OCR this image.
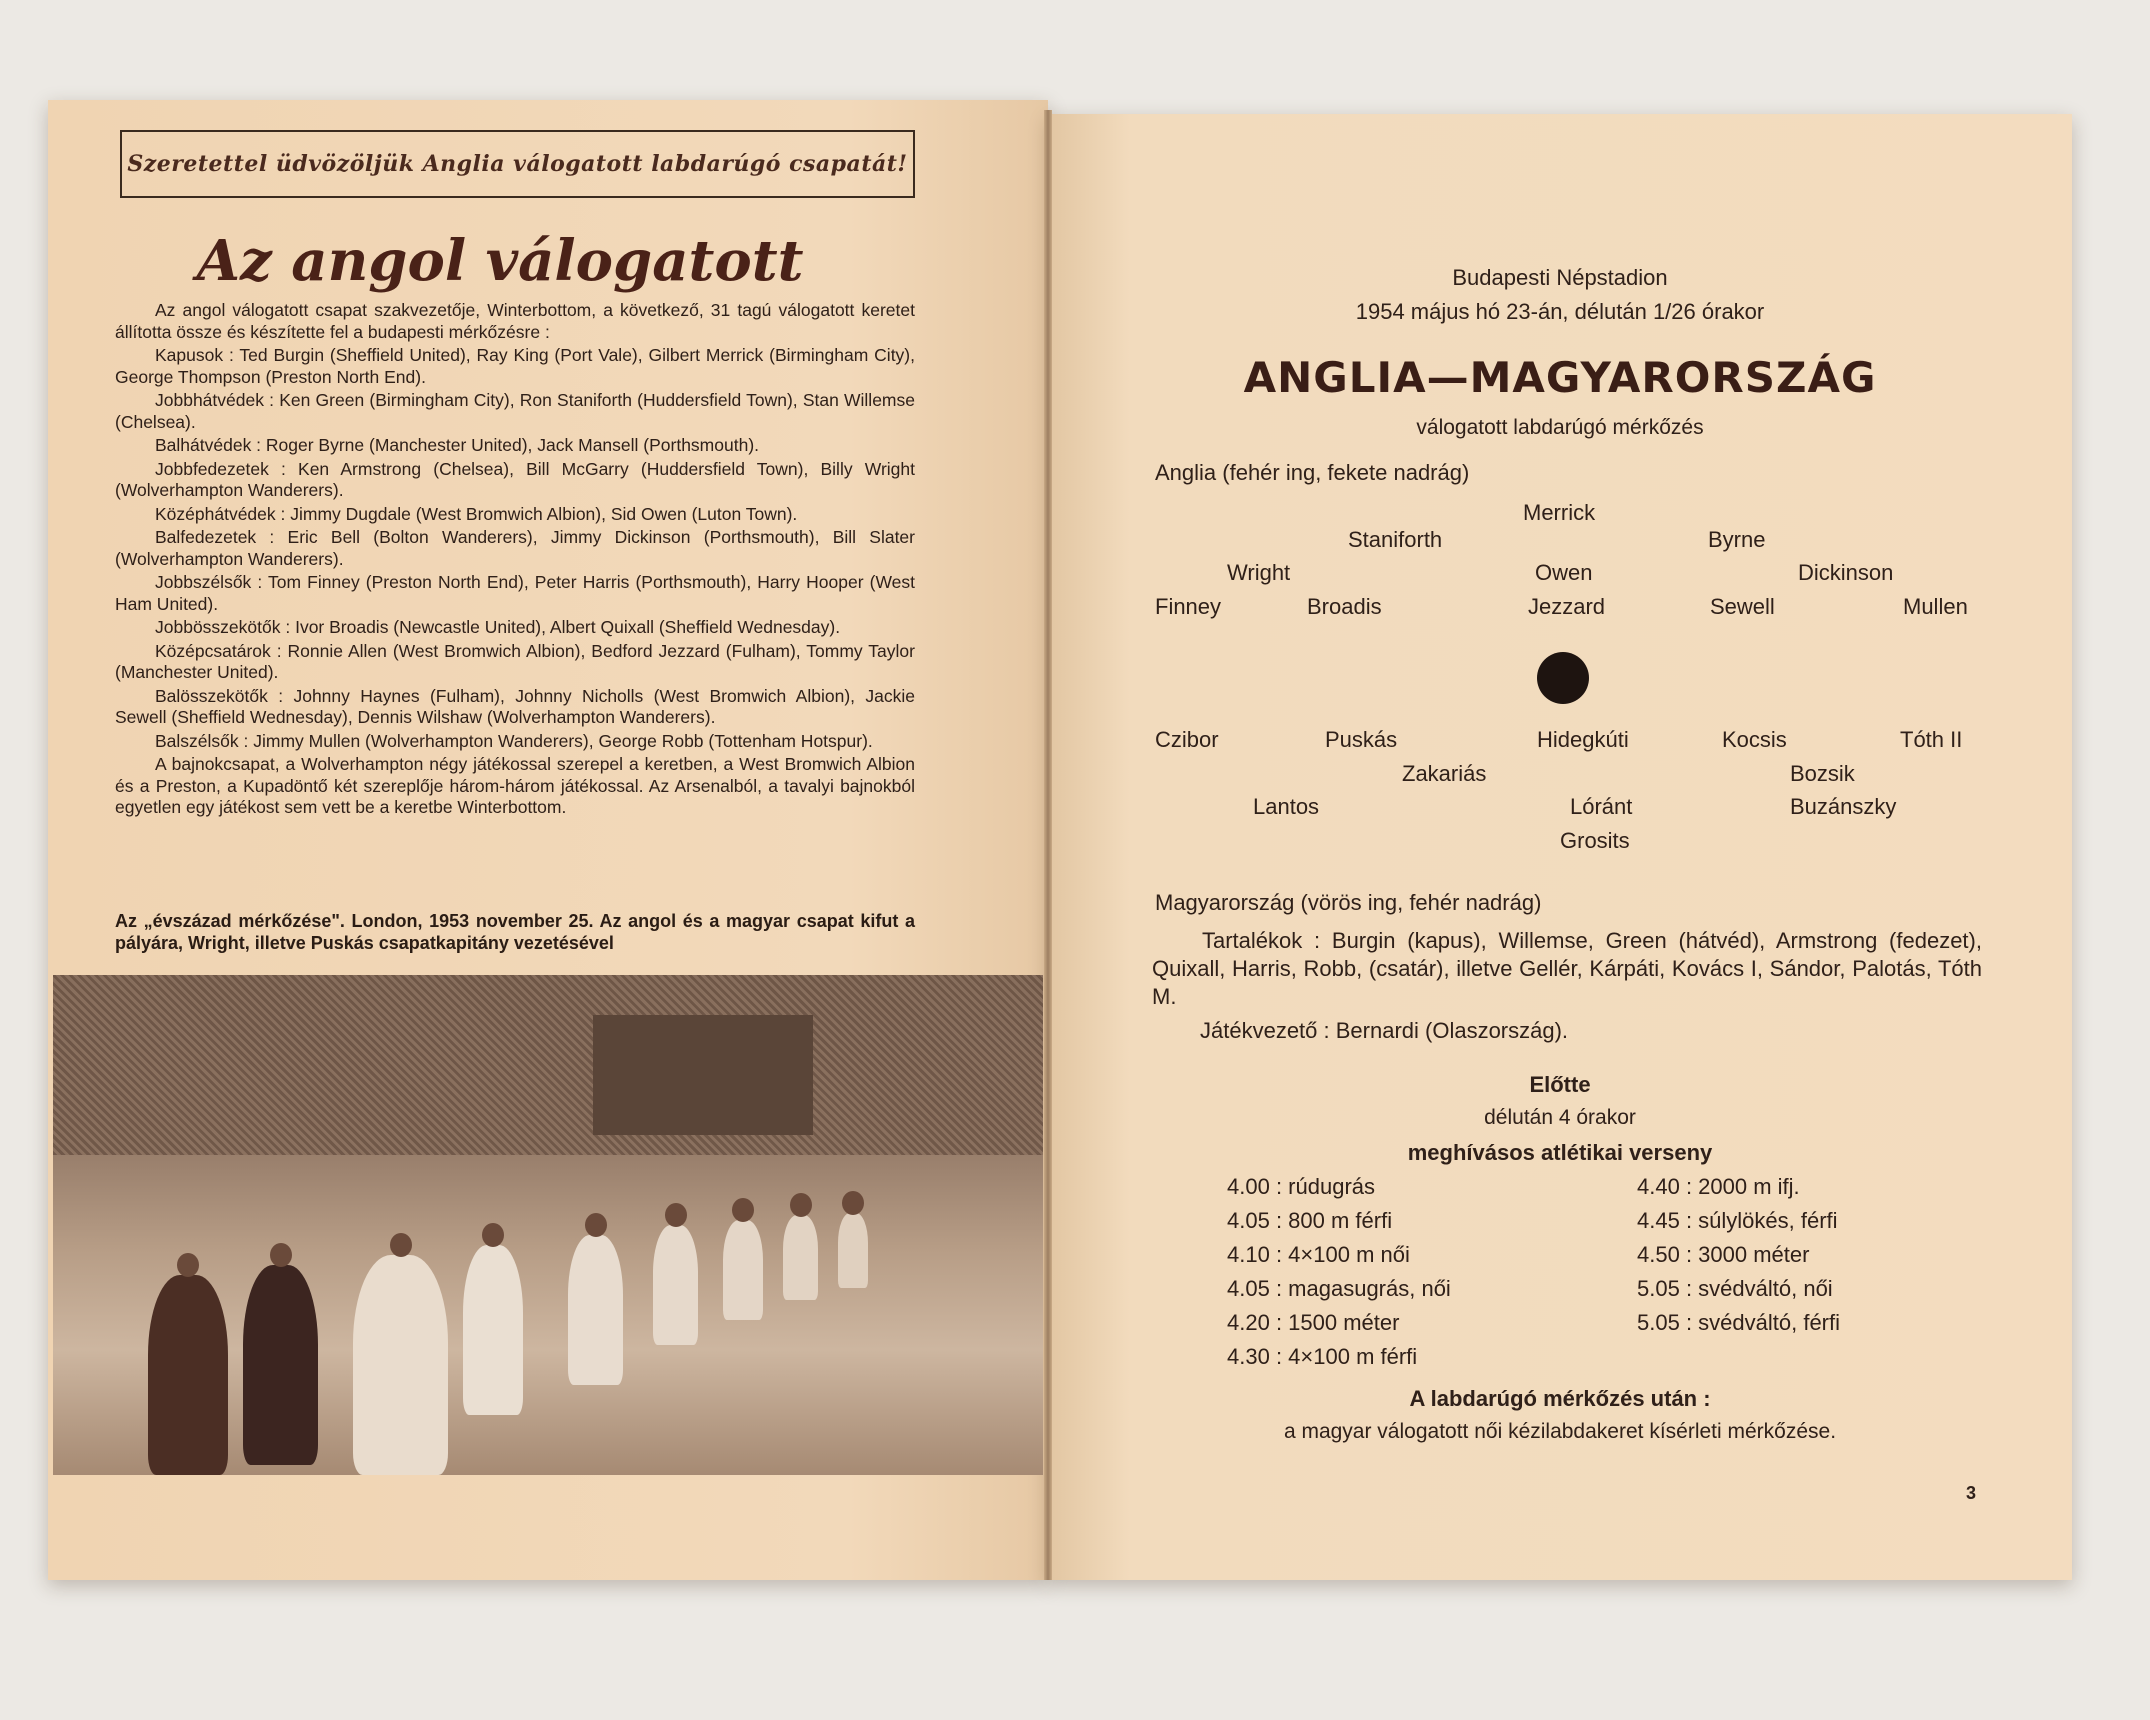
Szeretettel üdvözöljük Anglia válogatott labdarúgó csapatát!
Az angol válogatott

Az angol válogatott csapat szakvezetője, Winterbottom, a következő, 31 tagú válogatott keretet állította össze és készítette fel a budapesti mérkőzésre :

Kapusok : Ted Burgin (Sheffield United), Ray King (Port Vale), Gilbert Merrick (Birmingham City), George Thompson (Preston North End).

Jobbhátvédek : Ken Green (Birmingham City), Ron Staniforth (Huddersfield Town), Stan Willemse (Chelsea).

Balhátvédek : Roger Byrne (Manchester United), Jack Mansell (Porthsmouth).

Jobbfedezetek : Ken Armstrong (Chelsea), Bill McGarry (Huddersfield Town), Billy Wright (Wolverhampton Wanderers).

Középhátvédek : Jimmy Dugdale (West Bromwich Albion), Sid Owen (Luton Town).

Balfedezetek : Eric Bell (Bolton Wanderers), Jimmy Dickinson (Porthsmouth), Bill Slater (Wolverhampton Wanderers).

Jobbszélsők : Tom Finney (Preston North End), Peter Harris (Porthsmouth), Harry Hooper (West Ham United).

Jobbösszekötők : Ivor Broadis (Newcastle United), Albert Quixall (Sheffield Wednesday).

Középcsatárok : Ronnie Allen (West Bromwich Albion), Bedford Jezzard (Fulham), Tommy Taylor (Manchester United).

Balösszekötők : Johnny Haynes (Fulham), Johnny Nicholls (West Bromwich Albion), Jackie Sewell (Sheffield Wednesday), Dennis Wilshaw (Wolverhampton Wanderers).

Balszélsők : Jimmy Mullen (Wolverhampton Wanderers), George Robb (Tottenham Hotspur).

A bajnokcsapat, a Wolverhampton négy játékossal szerepel a keretben, a West Bromwich Albion és a Preston, a Kupadöntő két szereplője három-három játékossal. Az Arsenalból, a tavalyi bajnokból egyetlen egy játékost sem vett be a keretbe Winterbottom.

Az „évszázad mérkőzése". London, 1953 november 25. Az angol és a magyar csapat kifut a pályára, Wright, illetve Puskás csapatkapitány vezetésével
Budapesti Népstadion
1954 május hó 23-án, délután 1/26 órakor
ANGLIA—MAGYARORSZÁG
válogatott labdarúgó mérkőzés
Anglia (fehér ing, fekete nadrág)
Merrick
Staniforth	Byrne
Wright	Owen	Dickinson
Finney	Broadis	Jezzard	Sewell	Mullen
Czibor	Puskás	Hidegkúti	Kocsis	Tóth II
Zakariás	Bozsik
Lantos	Lóránt	Buzánszky
Grosits
Magyarország (vörös ing, fehér nadrág)
Tartalékok : Burgin (kapus), Willemse, Green (hátvéd), Armstrong (fedezet), Quixall, Harris, Robb, (csatár), illetve Gellér, Kárpáti, Kovács I, Sándor, Palotás, Tóth M.
Játékvezető : Bernardi (Olaszország).
Előtte
délután 4 órakor
meghívásos atlétikai verseny
4.00 : rúdugrás
4.05 : 800 m férfi
4.10 : 4×100 m női
4.05 : magasugrás, női
4.20 : 1500 méter
4.30 : 4×100 m férfi
4.40 : 2000 m ifj.
4.45 : súlylökés, férfi
4.50 : 3000 méter
5.05 : svédváltó, női
5.05 : svédváltó, férfi
A labdarúgó mérkőzés után :
a magyar válogatott női kézilabdakeret kísérleti mérkőzése.
3
